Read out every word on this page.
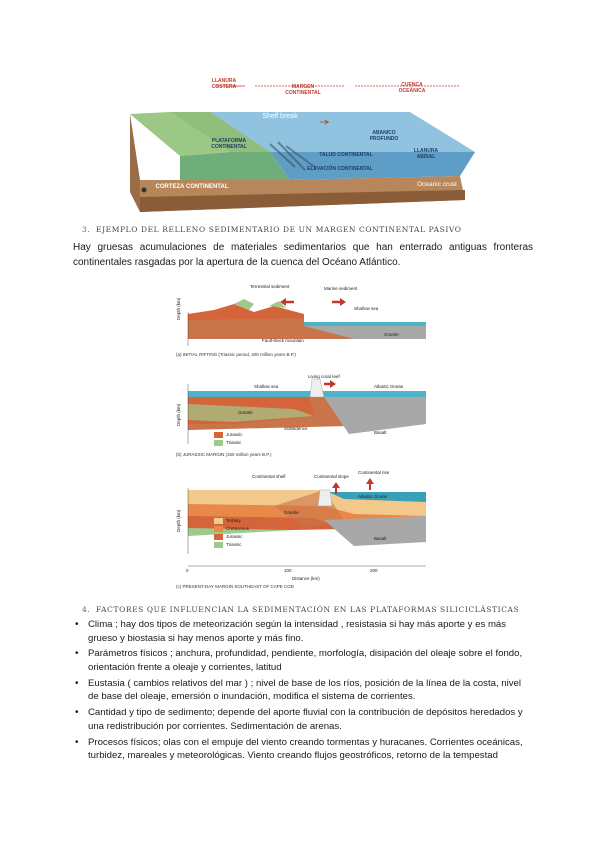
LLANURA COSTERA	MARGEN CONTINENTAL
CUENCA OCEÁNICA
Shelf break
ABANICO PROFUNDO
PLATAFORMA CONTINENTAL
TALUD CONTINENTAL
LLANURA ABISAL
ELEVACIÓN CONTINENTAL
CORTEZA CONTINENTAL	Oceanic crust
3. EJEMPLO DEL RELLENO SEDIMENTARIO DE UN MARGEN CONTINENTAL PASIVO
Hay gruesas acumulaciones de materiales sedimentarios que han enterrado antiguas fronteras continentales rasgadas por la apertura de la cuenca del Océano Atlántico.
Terrestrial sediment	Marine sediment
Shallow sea
Fault-block mountain
Granite
Depth (km)
(a) INITIAL RIFTING (Triassic period, 200 million years B.P.)
Living coral reef
Shallow sea	Atlantic Ocean
Granite
Subsidence
Basalt
Jurassic
Triassic
Depth (km)
(b) JURASSIC MARGIN (150 million years B.P.)
Continental shelf	Continental slope
Continental rise
Atlantic Ocean
Granite
Basalt
Tertiary
Cretaceous
Jurassic
Triassic
Depth (km)
0	100	200
Distance (km)
(c) PRESENT-DAY MARGIN SOUTHEAST OF CAPE COD
4. FACTORES QUE INFLUENCIAN LA SEDIMENTACIÓN EN LAS PLATAFORMAS SILICICLÁSTICAS
• Clima ; hay dos tipos de meteorización según la intensidad , resistasia si hay más aporte y es más grueso y biostasia si hay menos aporte y más fino.
• Parámetros físicos ; anchura, profundidad, pendiente, morfología, disipación del oleaje sobre el fondo, orientación frente a oleaje y corrientes, latitud
• Eustasia ( cambios relativos del mar ) ; nivel de base de los ríos, posición de la línea de la costa, nivel de base del oleaje, emersión o inundación, modifica el sistema de corrientes.
• Cantidad y tipo de sedimento; depende del aporte fluvial con la contribución de depósitos heredados y una redistribución por corrientes. Sedimentación de arenas.
• Procesos físicos; olas con el empuje del viento creando tormentas y huracanes. Corrientes oceánicas, turbidez, mareales y meteorológicas. Viento creando flujos geostróficos, retorno de la tempestad
